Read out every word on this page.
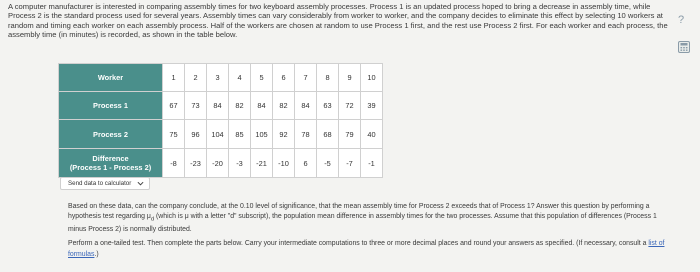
A computer manufacturer is interested in comparing assembly times for two keyboard assembly processes. Process 1 is an updated process hoped to bring a decrease in assembly time, while Process 2 is the standard process used for several years. Assembly times can vary considerably from worker to worker, and the company decides to eliminate this effect by selecting 10 workers at random and timing each worker on each assembly process. Half of the workers are chosen at random to use Process 1 first, and the rest use Process 2 first. For each worker and each process, the assembly time (in minutes) is recorded, as shown in the table below.
?
Worker	1	2	3	4	5	6	7	8	9	10
Process 1	67	73	84	82	84	82	84	63	72	39
Process 2	75	96	104	85	105	92	78	68	79	40

Difference
(Process 1 - Process 2)	-8	-23	-20	-3	-21	-10	6	-5	-7	-1
Send data to calculator

Based on these data, can the company conclude, at the 0.10 level of significance, that the mean assembly time for Process 2 exceeds that of Process 1? Answer this question by performing a hypothesis test regarding $\mu_d$ (which is μ with a letter "d" subscript), the population mean difference in assembly times for the two processes. Assume that this population of differences (Process 1 minus Process 2) is normally distributed.

Perform a one-tailed test. Then complete the parts below. Carry your intermediate computations to three or more decimal places and round your answers as specified. (If necessary, consult a list of formulas.)
